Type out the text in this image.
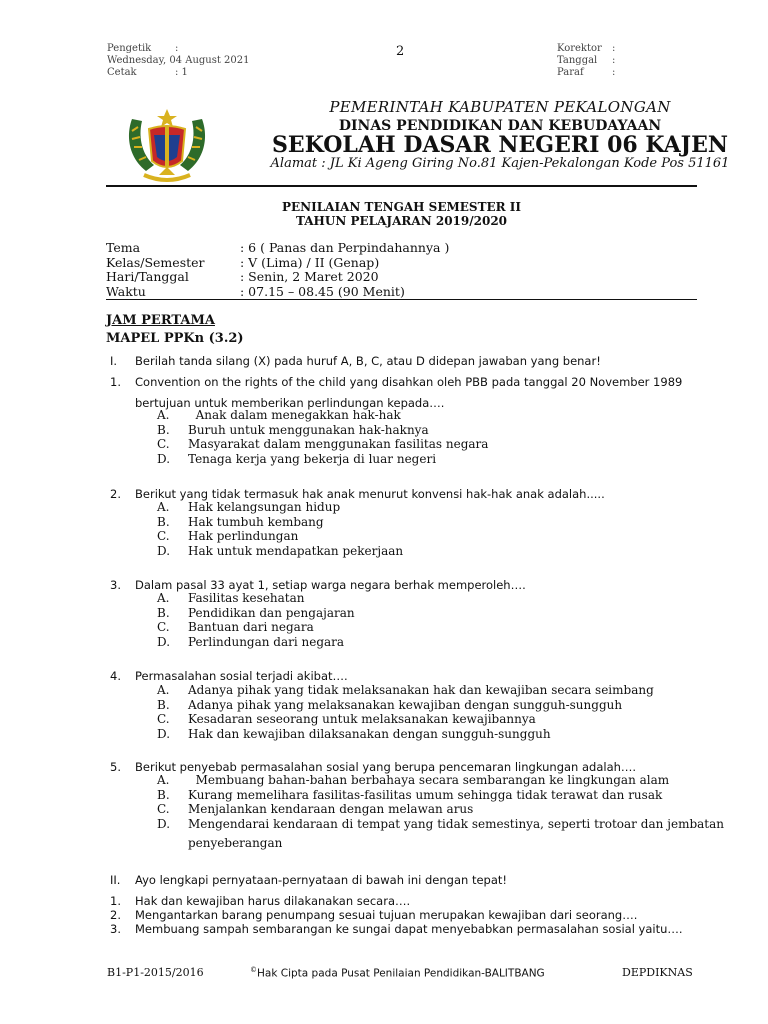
Pengetik	:
Wednesday, 04 August 2021
Cetak	: 1
2	Korektor	:
Tanggal	:
Paraf	:
PEMERINTAH KABUPATEN PEKALONGAN
DINAS PENDIDIKAN DAN KEBUDAYAAN
SEKOLAH DASAR NEGERI 06 KAJEN
Alamat : JL Ki Ageng Giring No.81 Kajen-Pekalongan Kode Pos 51161
PENILAIAN TENGAH SEMESTER II
TAHUN PELAJARAN 2019/2020
Tema	: 6 ( Panas dan Perpindahannya )
Kelas/Semester	: V (Lima) / II (Genap)
Hari/Tanggal	: Senin, 2 Maret 2020
Waktu	: 07.15 – 08.45 (90 Menit)
JAM PERTAMA
MAPEL PPKn (3.2)
I. Berilah tanda silang (X) pada huruf A, B, C, atau D didepan jawaban yang benar!
1. Convention on the rights of the child yang disahkan oleh PBB pada tanggal 20 November 1989
bertujuan untuk memberikan perlindungan kepada….
A.	Anak dalam menegakkan hak-hak
B.	Buruh untuk menggunakan hak-haknya
C.	Masyarakat dalam menggunakan fasilitas negara
D.	Tenaga kerja yang bekerja di luar negeri
2. Berikut yang tidak termasuk hak anak menurut konvensi hak-hak anak adalah.....
A.	Hak kelangsungan hidup
B.	Hak tumbuh kembang
C.	Hak perlindungan
D.	Hak untuk mendapatkan pekerjaan
3. Dalam pasal 33 ayat 1, setiap warga negara berhak memperoleh….
A.	Fasilitas kesehatan
B.	Pendidikan dan pengajaran
C.	Bantuan dari negara
D.	Perlindungan dari negara
4. Permasalahan sosial terjadi akibat….
A.	Adanya pihak yang tidak melaksanakan hak dan kewajiban secara seimbang
B.	Adanya pihak yang melaksanakan kewajiban dengan sungguh-sungguh
C.	Kesadaran seseorang untuk melaksanakan kewajibannya
D.	Hak dan kewajiban dilaksanakan dengan sungguh-sungguh
5. Berikut penyebab permasalahan sosial yang berupa pencemaran lingkungan adalah….
A.	Membuang bahan-bahan berbahaya secara sembarangan ke lingkungan alam
B.	Kurang memelihara fasilitas-fasilitas umum sehingga tidak terawat dan rusak
C.	Menjalankan kendaraan dengan melawan arus
D.	Mengendarai kendaraan di tempat yang tidak semestinya, seperti trotoar dan jembatan
penyeberangan
II. Ayo lengkapi pernyataan-pernyataan di bawah ini dengan tepat!
1. Hak dan kewajiban harus dilakanakan secara….
2. Mengantarkan barang penumpang sesuai tujuan merupakan kewajiban dari seorang….
3. Membuang sampah sembarangan ke sungai dapat menyebabkan permasalahan sosial yaitu….
B1-P1-2015/2016	©Hak Cipta pada Pusat Penilaian Pendidikan-BALITBANG	DEPDIKNAS
